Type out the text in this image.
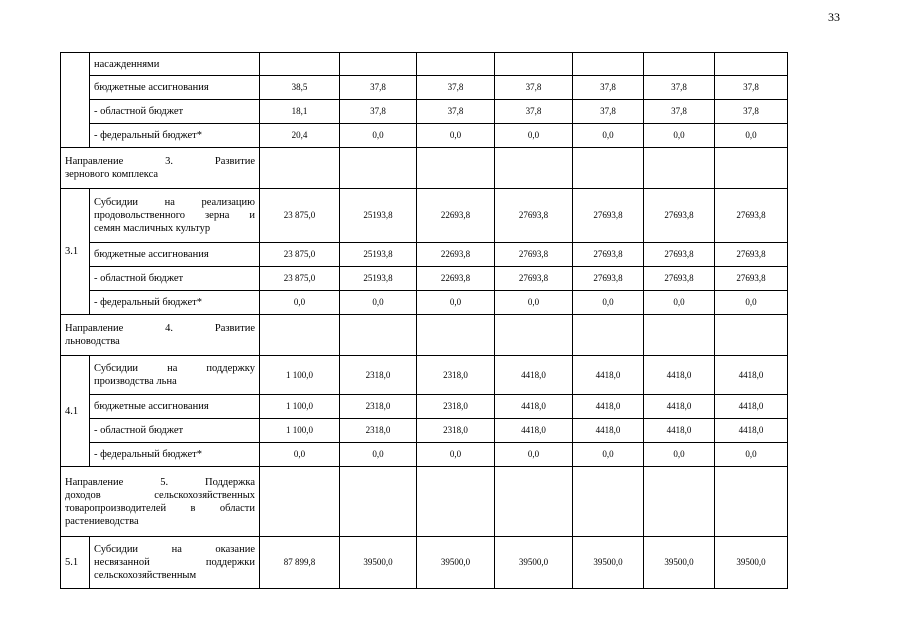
33
	насажденнями							
	бюджетные ассигнования	38,5	37,8	37,8	37,8	37,8	37,8	37,8
	- областной бюджет	18,1	37,8	37,8	37,8	37,8	37,8	37,8
	- федеральный бюджет*	20,4	0,0	0,0	0,0	0,0	0,0	0,0

Направление 3. Развитие
зернового комплекса								

3.1	Субсидии на реализацию
продовольственного зерна и
семян масличных культур	23 875,0	25193,8	22693,8	27693,8	27693,8	27693,8	27693,8
	бюджетные ассигнования	23 875,0	25193,8	22693,8	27693,8	27693,8	27693,8	27693,8
	- областной бюджет	23 875,0	25193,8	22693,8	27693,8	27693,8	27693,8	27693,8
	- федеральный бюджет*	0,0	0,0	0,0	0,0	0,0	0,0	0,0

Направление 4. Развитие
льноводства								

4.1	Субсидии на поддержку
производства льна	1 100,0	2318,0	2318,0	4418,0	4418,0	4418,0	4418,0
	бюджетные ассигнования	1 100,0	2318,0	2318,0	4418,0	4418,0	4418,0	4418,0
	- областной бюджет	1 100,0	2318,0	2318,0	4418,0	4418,0	4418,0	4418,0
	- федеральный бюджет*	0,0	0,0	0,0	0,0	0,0	0,0	0,0

Направление 5. Поддержка
доходов сельскохозяйственных
товаропроизводителей в области
растениеводства								

5.1	Субсидии на оказание
несвязанной поддержки
сельскохозяйственным	87 899,8	39500,0	39500,0	39500,0	39500,0	39500,0	39500,0
